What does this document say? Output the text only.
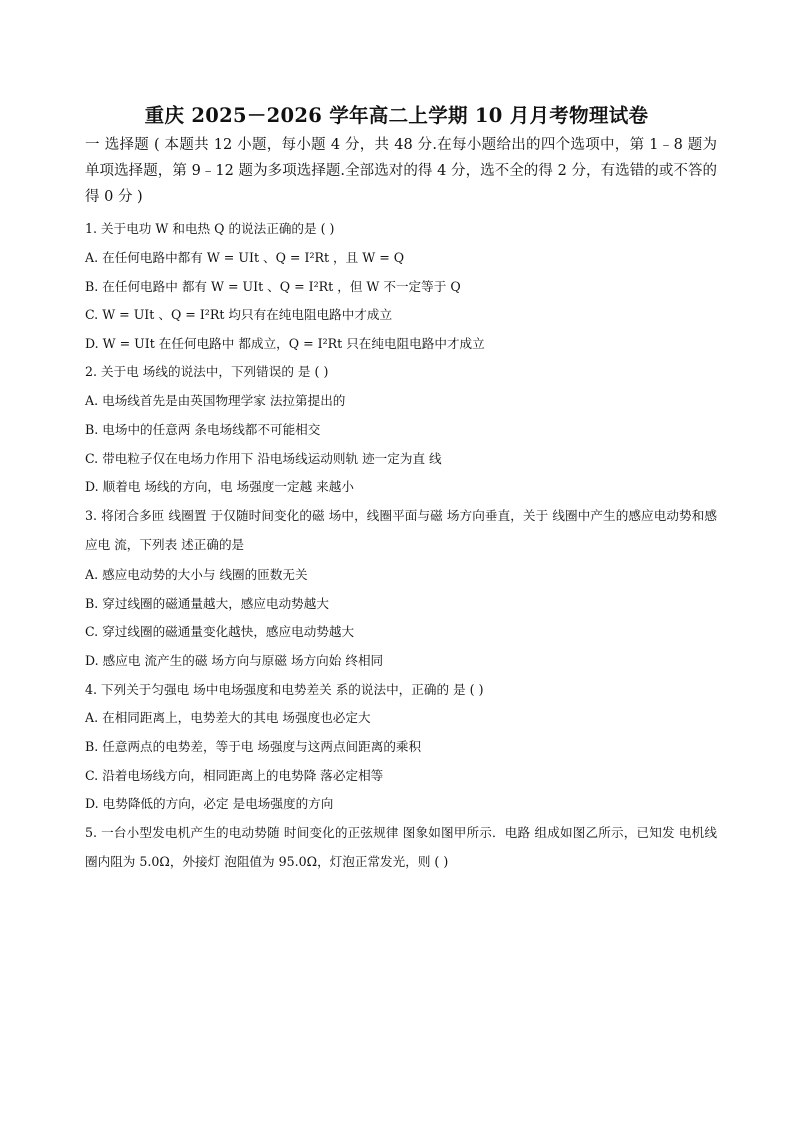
重庆 2025－2026 学年高二上学期 10 月月考物理试卷
一 选择题 ( 本题共 12 小题，每小题 4 分，共 48 分.在每小题给出的四个选项中，第 1﹣8 题为单项选择题，第 9﹣12 题为多项选择题.全部选对的得 4 分，选不全的得 2 分，有选错的或不答的得 0 分 )
1. 关于电功 W 和电热 Q 的说法正确的是 ( )
A. 在任何电路中都有 W = UIt 、Q = I²Rt ，且 W = Q
B. 在任何电路中 都有 W = UIt 、Q = I²Rt ，但 W 不一定等于 Q
C. W = UIt 、Q = I²Rt 均只有在纯电阻电路中才成立
D. W = UIt 在任何电路中 都成立，Q = I²Rt 只在纯电阻电路中才成立
2. 关于电 场线的说法中，下列错误的 是 ( )
A. 电场线首先是由英国物理学家 法拉第提出的
B. 电场中的任意两 条电场线都不可能相交
C. 带电粒子仅在电场力作用下 沿电场线运动则轨 迹一定为直 线
D. 顺着电 场线的方向，电 场强度一定越 来越小
3. 将闭合多匝 线圈置 于仅随时间变化的磁 场中，线圈平面与磁 场方向垂直，关于 线圈中产生的感应电动势和感应电 流，下列表 述正确的是
A. 感应电动势的大小与 线圈的匝数无关
B. 穿过线圈的磁通量越大，感应电动势越大
C. 穿过线圈的磁通量变化越快，感应电动势越大
D. 感应电 流产生的磁 场方向与原磁 场方向始 终相同
4. 下列关于匀强电 场中电场强度和电势差关 系的说法中，正确的 是 ( )
A. 在相同距离上，电势差大的其电 场强度也必定大
B. 任意两点的电势差，等于电 场强度与这两点间距离的乘积
C. 沿着电场线方向，相同距离上的电势降 落必定相等
D. 电势降低的方向，必定 是电场强度的方向
5. 一台小型发电机产生的电动势随 时间变化的正弦规律 图象如图甲所示．电路 组成如图乙所示，已知发 电机线圈内阻为 5.0Ω，外接灯 泡阻值为 95.0Ω，灯泡正常发光，则 ( )
